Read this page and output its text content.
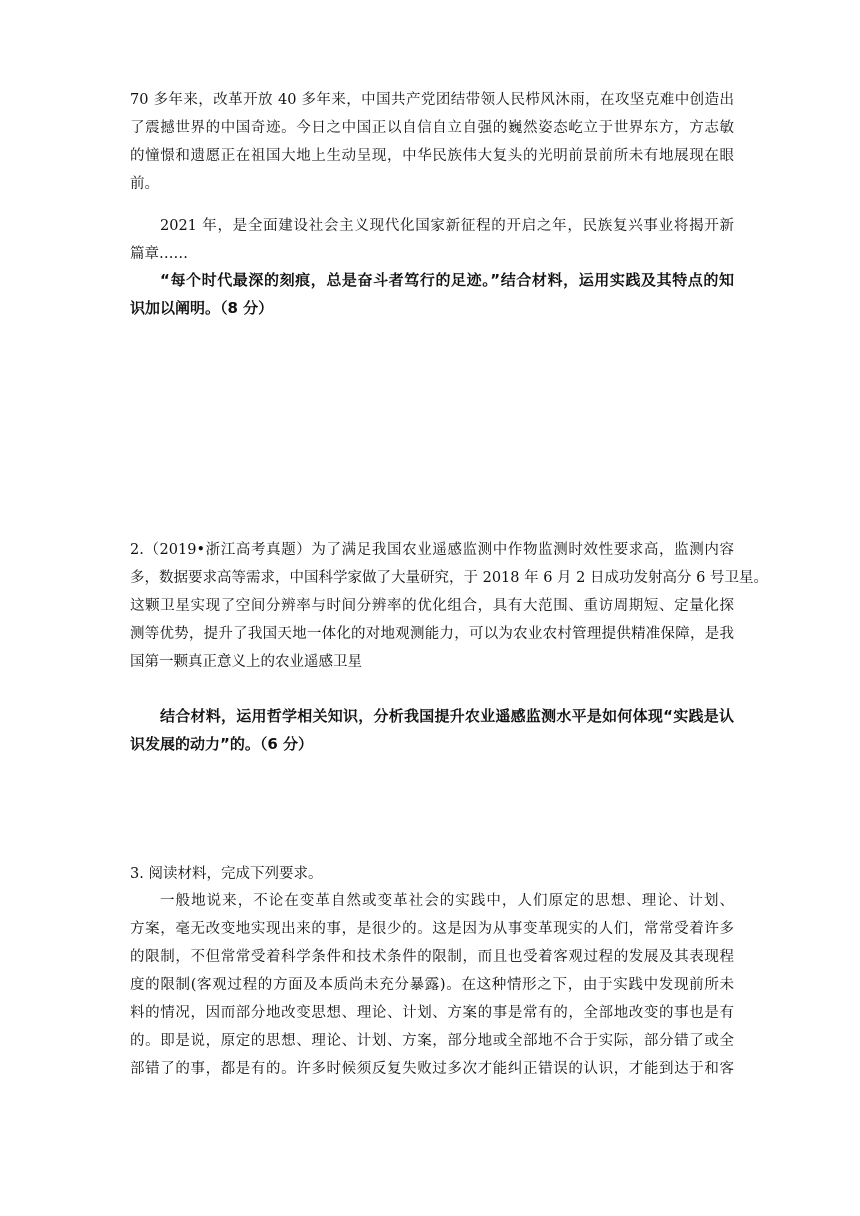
70 多年来，改革开放 40 多年来，中国共产党团结带领人民栉风沐雨，在攻坚克难中创造出
了震撼世界的中国奇迹。今日之中国正以自信自立自强的巍然姿态屹立于世界东方，方志敏
的憧憬和遗愿正在祖国大地上生动呈现，中华民族伟大复头的光明前景前所未有地展现在眼
前。
2021 年，是全面建设社会主义现代化国家新征程的开启之年，民族复兴事业将揭开新
篇章……
“每个时代最深的刻痕，总是奋斗者笃行的足迹。”结合材料，运用实践及其特点的知
识加以阐明。（8 分）
2.（2019•浙江高考真题）为了满足我国农业遥感监测中作物监测时效性要求高，监测内容
多，数据要求高等需求，中国科学家做了大量研究，于 2018 年 6 月 2 日成功发射高分 6 号卫星。
这颗卫星实现了空间分辨率与时间分辨率的优化组合，具有大范围、重访周期短、定量化探
测等优势，提升了我国天地一体化的对地观测能力，可以为农业农村管理提供精准保障，是我
国第一颗真正意义上的农业遥感卫星
结合材料，运用哲学相关知识，分析我国提升农业遥感监测水平是如何体现“实践是认
识发展的动力”的。（6 分）
3. 阅读材料，完成下列要求。
一般地说来，不论在变革自然或变革社会的实践中，人们原定的思想、理论、计划、
方案，毫无改变地实现出来的事，是很少的。这是因为从事变革现实的人们，常常受着许多
的限制，不但常常受着科学条件和技术条件的限制，而且也受着客观过程的发展及其表现程
度的限制(客观过程的方面及本质尚未充分暴露)。在这种情形之下，由于实践中发现前所未
料的情况，因而部分地改变思想、理论、计划、方案的事是常有的，全部地改变的事也是有
的。即是说，原定的思想、理论、计划、方案，部分地或全部地不合于实际，部分错了或全
部错了的事，都是有的。许多时候须反复失败过多次才能纠正错误的认识，才能到达于和客
